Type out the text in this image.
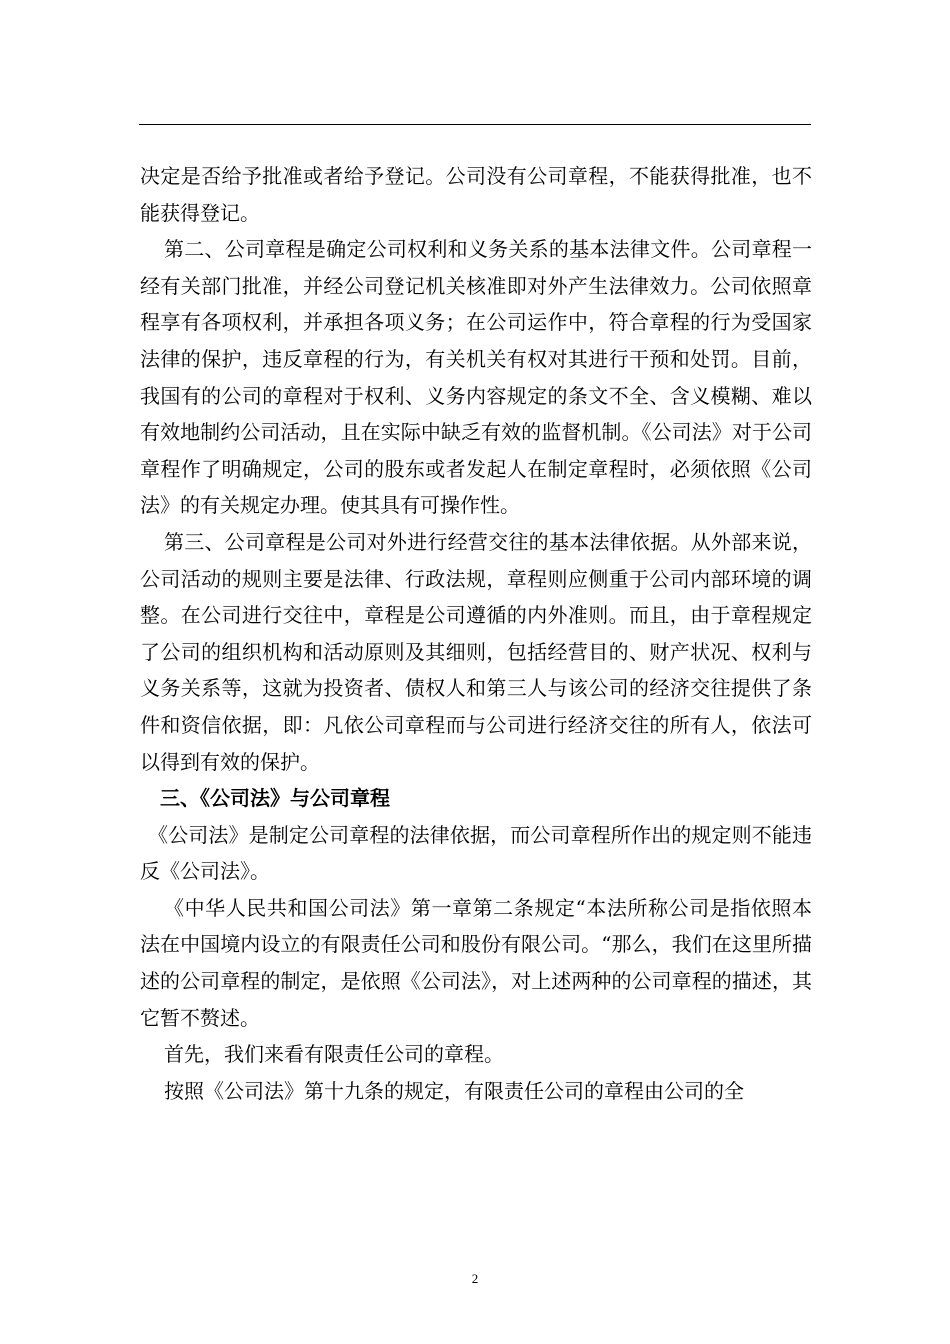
决定是否给予批准或者给予登记。公司没有公司章程，不能获得批准，也不能获得登记。

第二、公司章程是确定公司权利和义务关系的基本法律文件。公司章程一经有关部门批准，并经公司登记机关核准即对外产生法律效力。公司依照章程享有各项权利，并承担各项义务；在公司运作中，符合章程的行为受国家法律的保护，违反章程的行为，有关机关有权对其进行干预和处罚。目前，我国有的公司的章程对于权利、义务内容规定的条文不全、含义模糊、难以有效地制约公司活动，且在实际中缺乏有效的监督机制。《公司法》对于公司章程作了明确规定，公司的股东或者发起人在制定章程时，必须依照《公司法》的有关规定办理。使其具有可操作性。

第三、公司章程是公司对外进行经营交往的基本法律依据。从外部来说，公司活动的规则主要是法律、行政法规，章程则应侧重于公司内部环境的调整。在公司进行交往中，章程是公司遵循的内外准则。而且，由于章程规定了公司的组织机构和活动原则及其细则，包括经营目的、财产状况、权利与义务关系等，这就为投资者、债权人和第三人与该公司的经济交往提供了条件和资信依据，即：凡依公司章程而与公司进行经济交往的所有人，依法可以得到有效的保护。

三、《公司法》与公司章程

《公司法》是制定公司章程的法律依据，而公司章程所作出的规定则不能违反《公司法》。

《中华人民共和国公司法》第一章第二条规定“本法所称公司是指依照本法在中国境内设立的有限责任公司和股份有限公司。“那么，我们在这里所描述的公司章程的制定，是依照《公司法》，对上述两种的公司章程的描述，其它暂不赘述。

首先，我们来看有限责任公司的章程。

按照《公司法》第十九条的规定，有限责任公司的章程由公司的全

2
